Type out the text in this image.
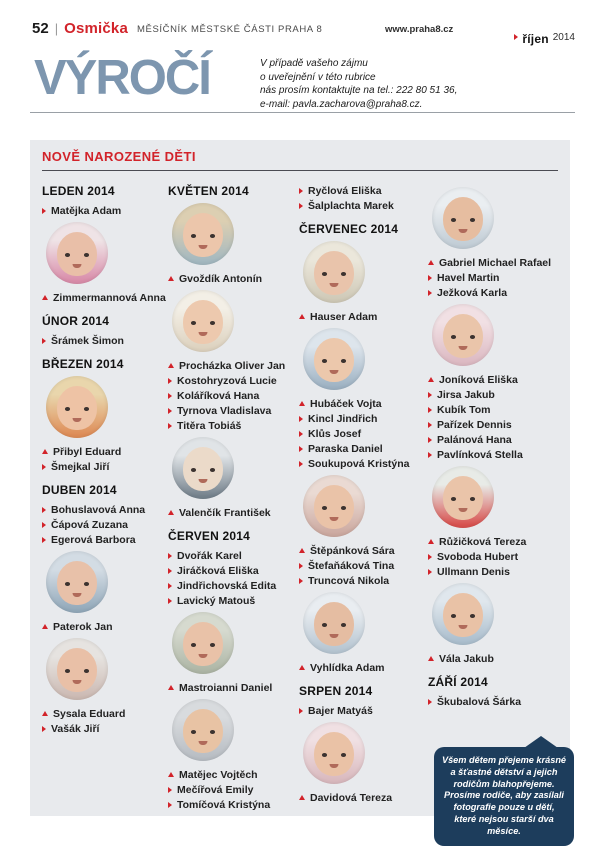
52 | Osmička MĚSÍČNÍK MĚSTSKÉ ČÁSTI PRAHA 8	www.praha8.cz
říjen 2014
VÝROČÍ	V případě vašeho zájmu
o uveřejnění v této rubrice
nás prosím kontaktujte na tel.: 222 80 51 36,
e-mail: pavla.zacharova@praha8.cz.
NOVĚ NAROZENÉ DĚTI
LEDEN 2014
Matějka Adam
Zimmermannová Anna
ÚNOR 2014
Šrámek Šimon
BŘEZEN 2014
Přibyl Eduard
Šmejkal Jiří
DUBEN 2014
Bohuslavová Anna
Čápová Zuzana
Egerová Barbora
Paterok Jan
Sysala Eduard
Vašák Jiří
KVĚTEN 2014
Gvoždík Antonín
Procházka Oliver Jan
Kostohryzová Lucie
Koláříková Hana
Tyrnova Vladislava
Titěra Tobiáš
Valenčík František
ČERVEN 2014
Dvořák Karel
Jiráčková Eliška
Jindřichovská Edita
Lavický Matouš
Mastroianni Daniel
Matějec Vojtěch
Mečířová Emily
Tomíčová Kristýna
Ryčlová Eliška
Šalplachta Marek
ČERVENEC 2014
Hauser Adam
Hubáček Vojta
Kincl Jindřich
Klůs Josef
Paraska Daniel
Soukupová Kristýna
Štěpánková Sára
Štefaňáková Tina
Truncová Nikola
Vyhlídka Adam
SRPEN 2014
Bajer Matyáš
Davidová Tereza
Gabriel Michael Rafael
Havel Martin
Ježková Karla
Joníková Eliška
Jirsa Jakub
Kubík Tom
Pařízek Dennis
Palánová Hana
Pavlínková Stella
Růžičková Tereza
Svoboda Hubert
Ullmann Denis
Vála Jakub
ZÁŘÍ 2014
Škubalová Šárka
Všem dětem přejeme krásné
a šťastné dětství a jejich
rodičům blahopřejeme.
Prosíme rodiče, aby zasílali
fotografie pouze u dětí,
které nejsou starší dva měsíce.
